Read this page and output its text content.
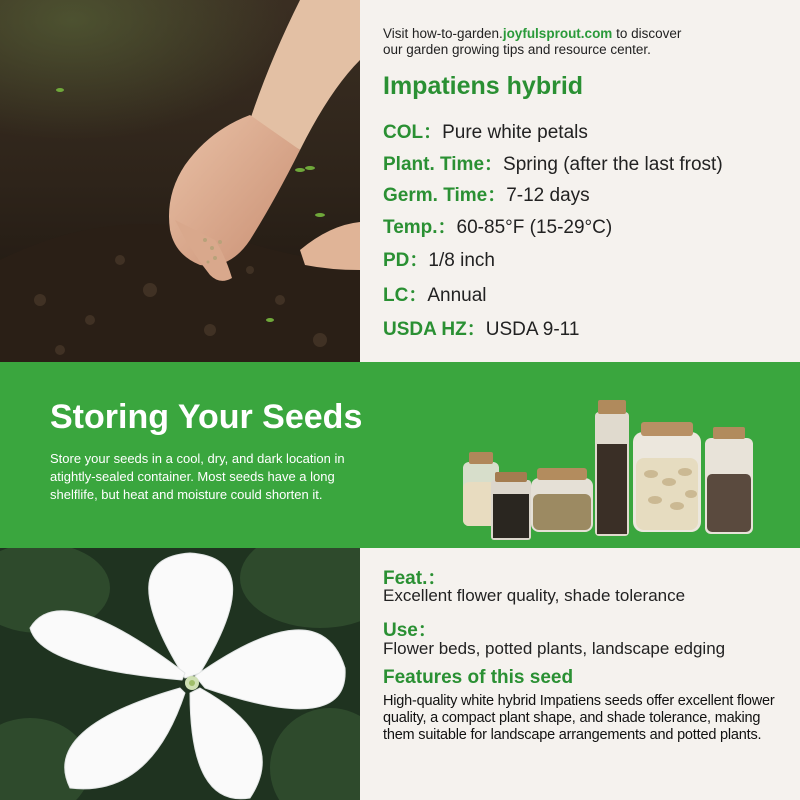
Visit how-to-garden.joyfulsprout.com to discover
our garden growing tips and resource center.
Impatiens hybrid
COL：Pure white petals
Plant. Time：Spring (after the last frost)
Germ. Time：7-12 days
Temp.：60-85°F (15-29°C)
PD：1/8 inch
LC：Annual
USDA HZ：USDA 9-11
Storing Your Seeds
Store your seeds in a cool, dry, and dark location in atightly-sealed container. Most seeds have a long shelflife, but heat and moisture could shorten it.
Feat.：
Excellent flower quality, shade tolerance
Use：
Flower beds, potted plants, landscape edging
Features of this seed
High-quality white hybrid Impatiens seeds offer excellent flower quality, a compact plant shape, and shade tolerance, making them suitable for landscape arrangements and potted plants.
